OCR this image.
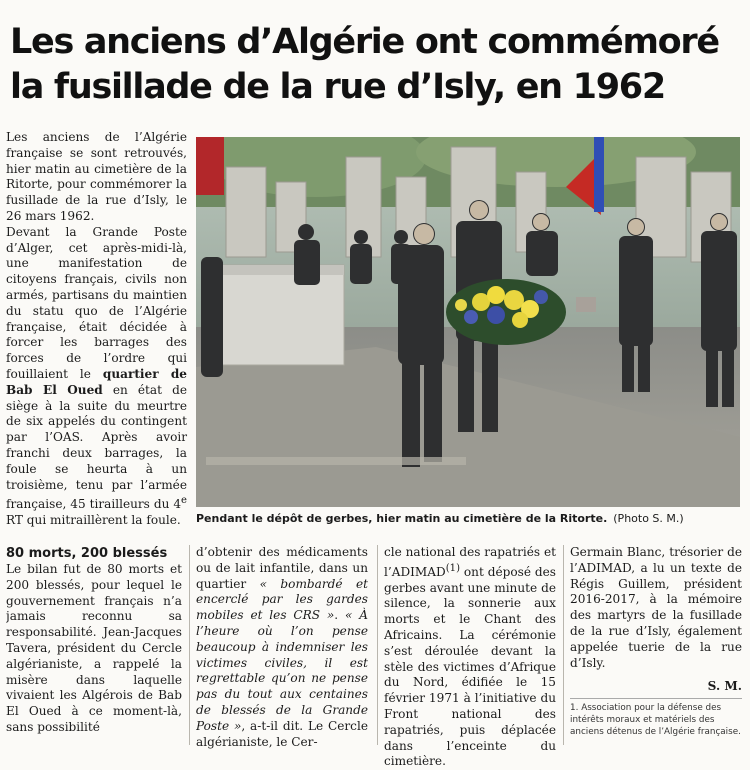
Les anciens d’Algérie ont commémoré
la fusillade de la rue d’Isly, en 1962

Les anciens de l’Algérie française se sont retrouvés, hier matin au cimetière de la Ritorte, pour commémorer la fusillade de la rue d’Isly, le 26 mars 1962.

Devant la Grande Poste d’Alger, cet après-midi-là, une manifestation de citoyens français, civils non armés, partisans du maintien du statu quo de l’Algérie française, était décidée à forcer les barrages des forces de l’ordre qui fouillaient le quartier de Bab El Oued en état de siège à la suite du meurtre de six appelés du contingent par l’OAS. Après avoir franchi deux barrages, la foule se heurta à un troisième, tenu par l’armée française, 45 tirailleurs du 4e RT qui mitraillèrent la foule.	Pendant le dépôt de gerbes, hier matin au cimetière de la Ritorte. (Photo S. M.)

80 morts, 200 blessés

Le bilan fut de 80 morts et 200 blessés, pour lequel le gouvernement français n’a jamais reconnu sa responsabilité. Jean-Jacques Tavera, président du Cercle algérianiste, a rappelé la misère dans laquelle vivaient les Algérois de Bab El Oued à ce moment-là, sans possibilité

d’obtenir des médicaments ou de lait infantile, dans un quartier « bombardé et encerclé par les gardes mobiles et les CRS ». « À l’heure où l’on pense beaucoup à indemniser les victimes civiles, il est regrettable qu’on ne pense pas du tout aux centaines de blessés de la Grande Poste », a-t-il dit. Le Cercle algérianiste, le Cer-

cle national des rapatriés et l’ADIMAD$^{(1)}$ ont déposé des gerbes avant une minute de silence, la sonnerie aux morts et le Chant des Africains. La cérémonie s’est déroulée devant la stèle des victimes d’Afrique du Nord, édifiée le 15 février 1971 à l’initiative du Front national des rapatriés, puis déplacée dans l’enceinte du cimetière.

Germain Blanc, trésorier de l’ADIMAD, a lu un texte de Régis Guillem, président 2016-2017, à la mémoire des martyrs de la fusillade de la rue d’Isly, également appelée tuerie de la rue d’Isly.

S. M.

1. Association pour la défense des intérêts moraux et matériels des anciens détenus de l’Algérie française.
